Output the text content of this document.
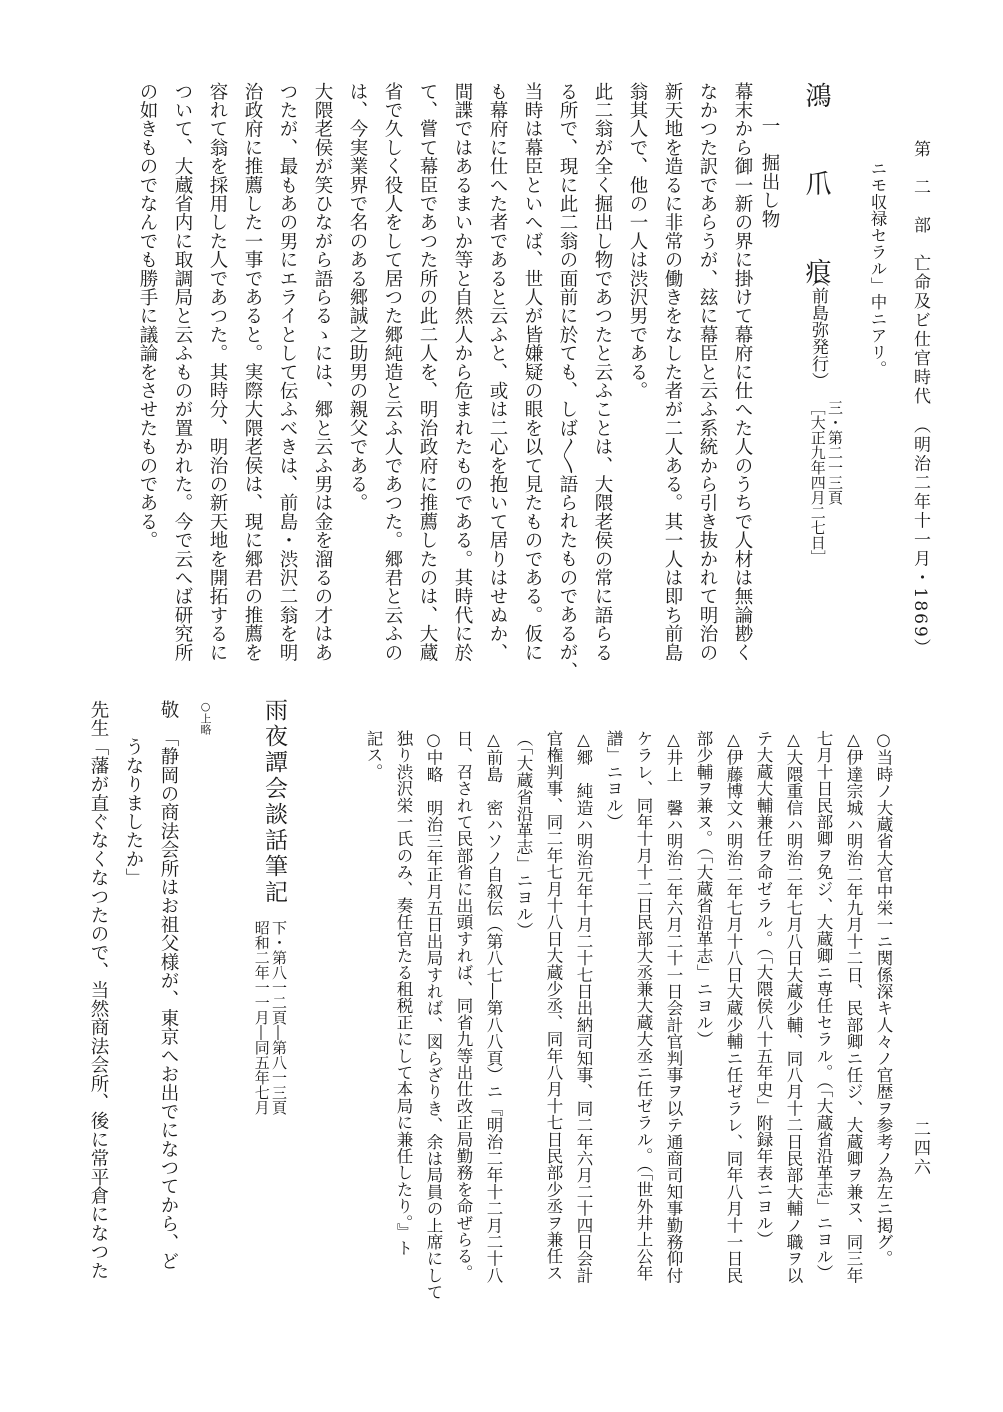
第　二　部　亡命及ビ仕官時代　（明治二年十一月・1869）
二四六
ニモ収禄セラル」中ニアリ。
鴻　爪　痕
（前島弥発行）
三・第二一三頁
［大正九年四月二七日］
一　掘出し物
幕末から御一新の界に掛けて幕府に仕へた人のうちで人材は無論尠く
なかつた訳であらうが、玆に幕臣と云ふ系統から引き抜かれて明治の
新天地を造るに非常の働きをなした者が二人ある。其一人は即ち前島
翁其人で、他の一人は渋沢男である。
此二翁が全く掘出し物であつたと云ふことは、大隈老侯の常に語らる
る所で、現に此二翁の面前に於ても、しば〳〵語られたものであるが、
当時は幕臣といへば、世人が皆嫌疑の眼を以て見たものである。仮に
も幕府に仕へた者であると云ふと、或は二心を抱いて居りはせぬか、
間諜ではあるまいか等と自然人から危まれたものである。其時代に於
て、嘗て幕臣であつた所の此二人を、明治政府に推薦したのは、大蔵
省で久しく役人をして居つた郷純造と云ふ人であつた。郷君と云ふの
は、今実業界で名のある郷誠之助男の親父である。
大隈老侯が笑ひながら語らるゝには、郷と云ふ男は金を溜るの才はあ
つたが、最もあの男にエライとして伝ふべきは、前島・渋沢二翁を明
治政府に推薦した一事であると。実際大隈老侯は、現に郷君の推薦を
容れて翁を採用した人であつた。其時分、明治の新天地を開拓するに
ついて、大蔵省内に取調局と云ふものが置かれた。今で云へば研究所
の如きものでなんでも勝手に議論をさせたものである。
○当時ノ大蔵省大官中栄一ニ関係深キ人々ノ官歴ヲ参考ノ為左ニ掲グ。
△伊達宗城ハ明治二年九月十二日、民部卿ニ任ジ、大蔵卿ヲ兼ヌ、同三年
七月十日民部卿ヲ免ジ、大蔵卿ニ専任セラル。（「大蔵省沿革志」ニヨル）
△大隈重信ハ明治二年七月八日大蔵少輔、同八月十二日民部大輔ノ職ヲ以
テ大蔵大輔兼任ヲ命ゼラル。（「大隈侯八十五年史」附録年表ニヨル）
△伊藤博文ハ明治二年七月十八日大蔵少輔ニ任ゼラレ、同年八月十一日民
部少輔ヲ兼ヌ。（「大蔵省沿革志」ニヨル）
△井上　馨ハ明治二年六月二十一日会計官判事ヲ以テ通商司知事勤務仰付
ケラレ、同年十月十二日民部大丞兼大蔵大丞ニ任ゼラル。（「世外井上公年
譜」ニヨル）
△郷　純造ハ明治元年十月二十七日出納司知事、同二年六月二十四日会計
官権判事、同二年七月十八日大蔵少丞、同年八月十七日民部少丞ヲ兼任ス
（「大蔵省沿革志」ニヨル）
△前島　密ハソノ自叙伝（第八七―第八八頁）ニ『明治二年十二月二十八
日、召されて民部省に出頭すれば、同省九等出仕改正局勤務を命ぜらる。
○中略　明治三年正月五日出局すれば、図らざりき、余は局員の上席にして
独り渋沢栄一氏のみ、奏任官たる租税正にして本局に兼任したり。』ト
記ス。
雨夜譚会談話筆記
下・第八一二頁―第八一三頁
昭和二年一一月―同五年七月
○上略
敬　「静岡の商法会所はお祖父様が、東京へお出でになつてから、ど
　　うなりましたか」
先生「藩が直ぐなくなつたので、当然商法会所、後に常平倉になつた
